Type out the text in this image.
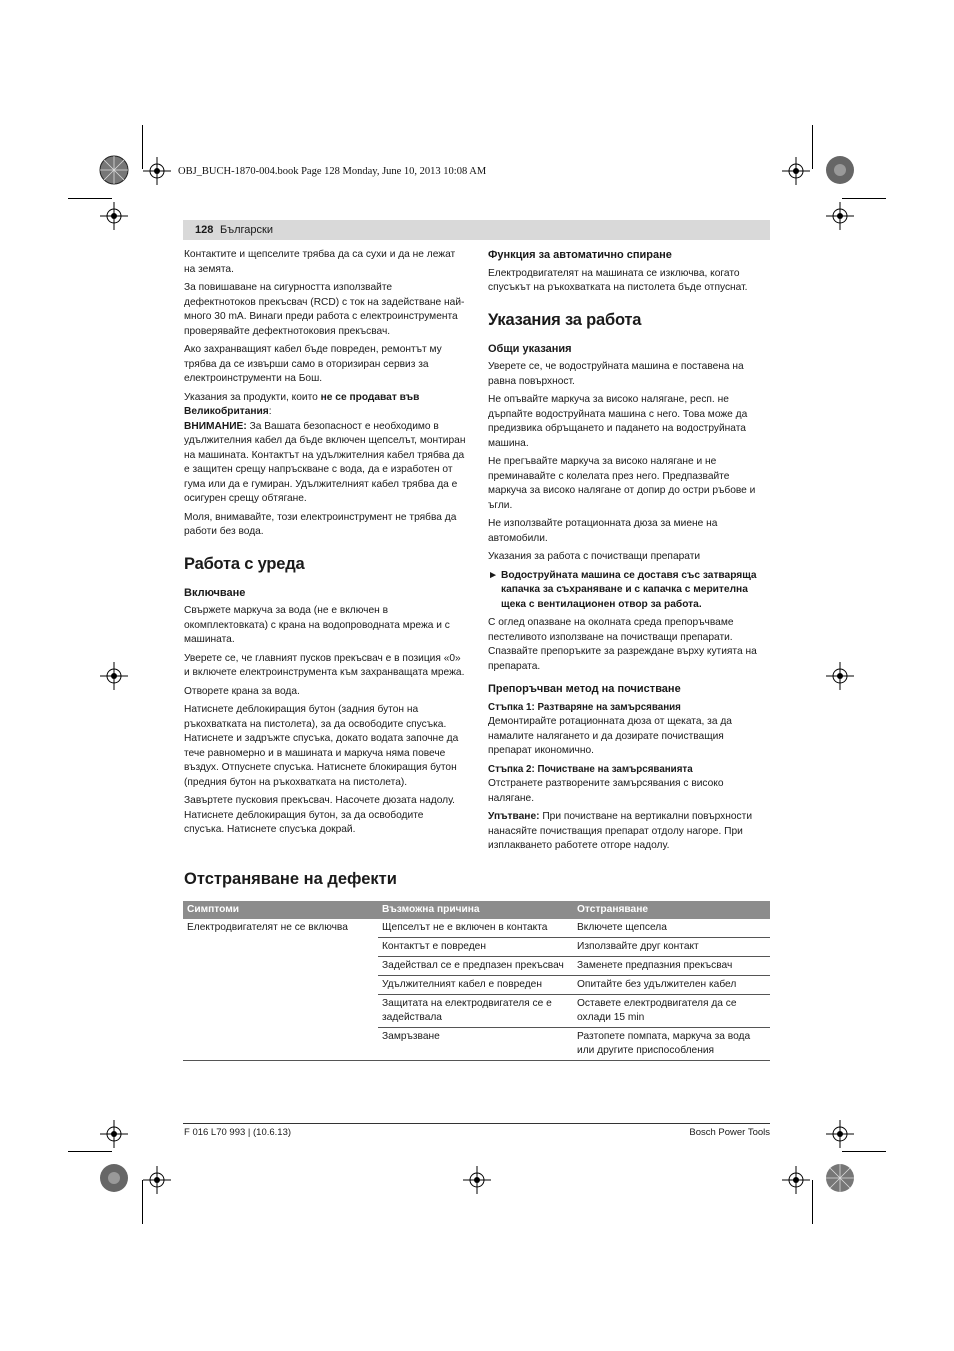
OBJ_BUCH-1870-004.book Page 128 Monday, June 10, 2013 10:08 AM
128 Български

Контактите и щепселите трябва да са сухи и да не лежат на земята.

За повишаване на сигурността използвайте дефектнотоков прекъсвач (RCD) с ток на задействане най-много 30 mA. Винаги преди работа с електроинструмента проверявайте дефектнотоковия прекъсвач.

Ако захранващият кабел бъде повреден, ремонтът му трябва да се извърши само в оторизиран сервиз за електроинструменти на Бош.

Указания за продукти, които не се продават във Великобритания:

ВНИМАНИЕ: За Вашата безопасност е необходимо в удължителния кабел да бъде включен щепселът, монтиран на машината. Контактът на удължителния кабел трябва да е защитен срещу напръскване с вода, да е изработен от гума или да е гумиран. Удължителният кабел трябва да е осигурен срещу обтягане.

Моля, внимавайте, този електроинструмент не трябва да работи без вода.

Работа с уреда

Включване

Свържете маркуча за вода (не е включен в окомплектовката) с крана на водопроводната мрежа и с машината.

Уверете се, че главният пусков прекъсвач е в позиция «0» и включете електроинструмента към захранващата мрежа.

Отворете крана за вода.

Натиснете деблокиращия бутон (задния бутон на ръкохватката на пистолета), за да освободите спусъка. Натиснете и задръжте спусъка, докато водата започне да тече равномерно и в машината и маркуча няма повече въздух. Отпуснете спусъка. Натиснете блокиращия бутон (предния бутон на ръкохватката на пистолета).

Завъртете пусковия прекъсвач. Насочете дюзата надолу. Натиснете деблокиращия бутон, за да освободите спусъка. Натиснете спусъка докрай.

Функция за автоматично спиране

Електродвигателят на машината се изключва, когато спусъкът на ръкохватката на пистолета бъде отпуснат.

Указания за работа

Общи указания

Уверете се, че водоструйната машина е поставена на равна повърхност.

Не опъвайте маркуча за високо налягане, респ. не дърпайте водоструйната машина с него. Това може да предизвика обръщането и падането на водоструйната машина.

Не прегъвайте маркуча за високо налягане и не преминавайте с колелата през него. Предпазвайте маркуча за високо налягане от допир до остри ръбове и ъгли.

Не използвайте ротационната дюза за миене на автомобили.

Указания за работа с почистващи препарати

► Водоструйната машина се доставя със затварящa капачка за съхраняване и с капачка с мерителна щека с вентилационен отвор за работа.

С оглед опазване на околната среда препоръчваме пестеливото използване на почистващи препарати. Спазвайте препоръките за разреждане върху кутията на препарата.

Препоръчван метод на почистване

Стъпка 1: Разтваряне на замърсявания

Демонтирайте ротационната дюза от щеката, за да намалите налягането и да дозирате почистващия препарат икономично.

Стъпка 2: Почистване на замърсяванията

Отстранете разтворените замърсявания с високо налягане.

Упътване: При почистване на вертикални повърхности нанасяйте почистващия препарат отдолу нагоре. При изплакването работете отгоре надолу.

Отстраняване на дефекти
Симптоми	Възможна причина	Отстраняване
Електродвигателят не се включва	Щепселът не е включен в контакта	Включете щепсела
	Контактът е повреден	Използвайте друг контакт
	Задействал се е предпазен прекъсвач	Заменете предпазния прекъсвач
	Удължителният кабел е повреден	Опитайте без удължителен кабел
	Защитата на електродвигателя се е задействала	Оставете електродвигателя да се охлади 15 min
	Замръзване	Разтопете помпата, маркуча за вода или другите приспособления
F 016 L70 993 | (10.6.13)	Bosch Power Tools
